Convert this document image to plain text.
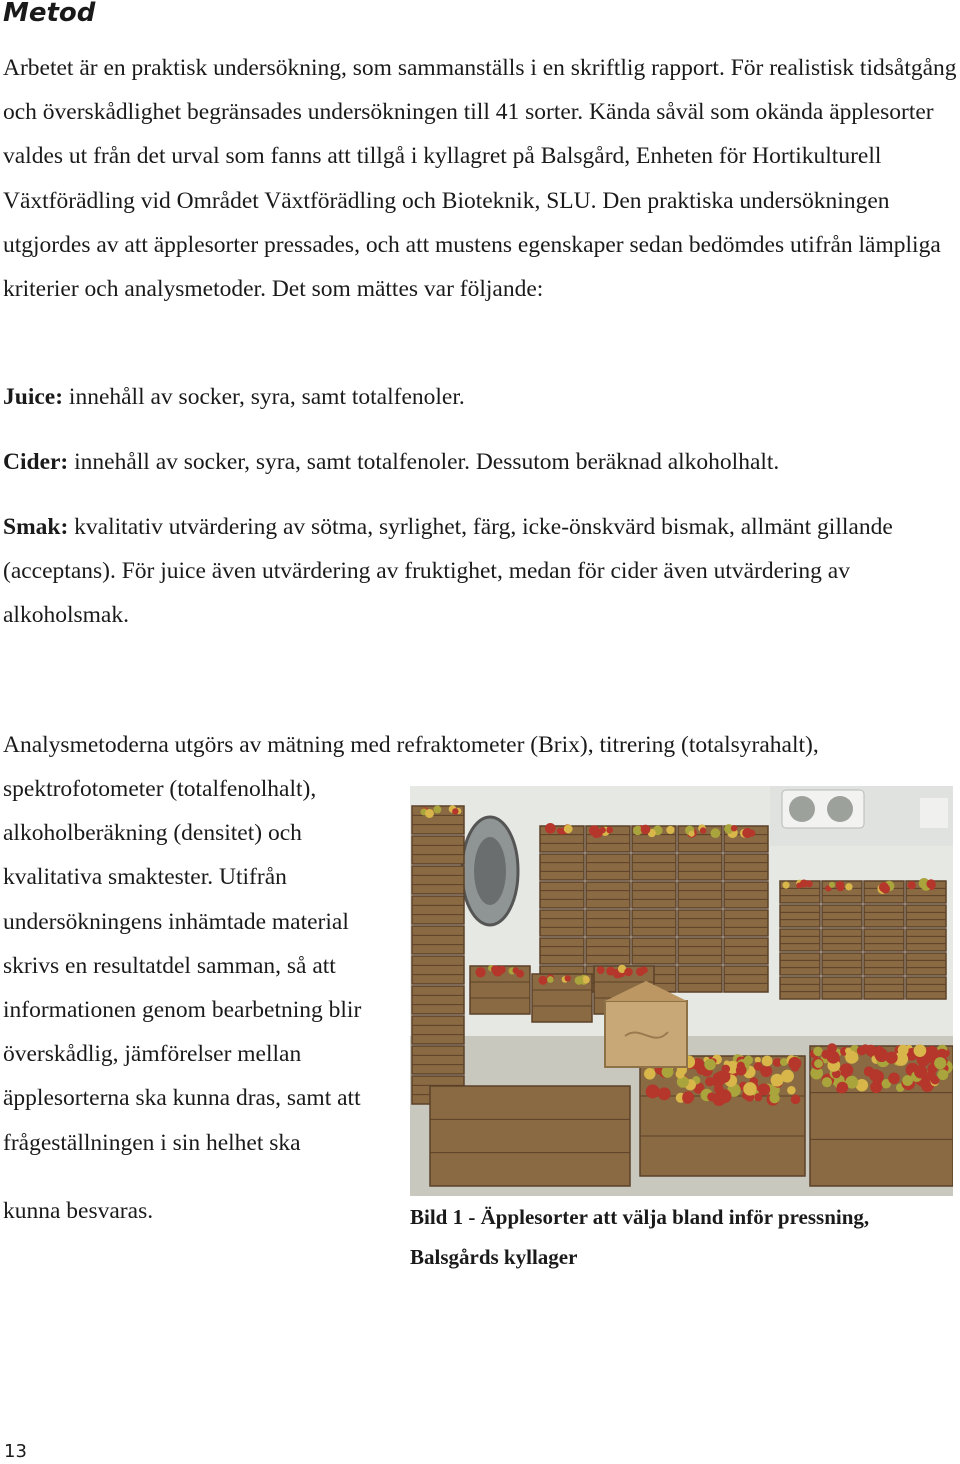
Metod

Arbetet är en praktisk undersökning, som sammanställs i en skriftlig rapport. För realistisk tidsåtgång och överskådlighet begränsades undersökningen till 41 sorter. Kända såväl som okända äpplesorter valdes ut från det urval som fanns att tillgå i kyllagret på Balsgård, Enheten för Hortikulturell Växtförädling vid Området Växtförädling och Bioteknik, SLU. Den praktiska undersökningen utgjordes av att äpplesorter pressades, och att mustens egenskaper sedan bedömdes utifrån lämpliga kriterier och analysmetoder. Det som mättes var följande:

Juice: innehåll av socker, syra, samt totalfenoler.

Cider: innehåll av socker, syra, samt totalfenoler. Dessutom beräknad alkoholhalt.

Smak: kvalitativ utvärdering av sötma, syrlighet, färg, icke-önskvärd bismak, allmänt gillande (acceptans). För juice även utvärdering av fruktighet, medan för cider även utvärdering av alkoholsmak.

Analysmetoderna utgörs av mätning med refraktometer (Brix), titrering (totalsyrahalt),

spektrofotometer (totalfenolhalt), alkoholberäkning (densitet) och kvalitativa smaktester. Utifrån undersökningens inhämtade material skrivs en resultatdel samman, så att informationen genom bearbetning blir överskådlig, jämförelser mellan äpplesorterna ska kunna dras, samt att frågeställningen i sin helhet ska

kunna besvaras.	Bild 1 - Äpplesorter att välja bland inför pressning, Balsgårds kyllager

13
